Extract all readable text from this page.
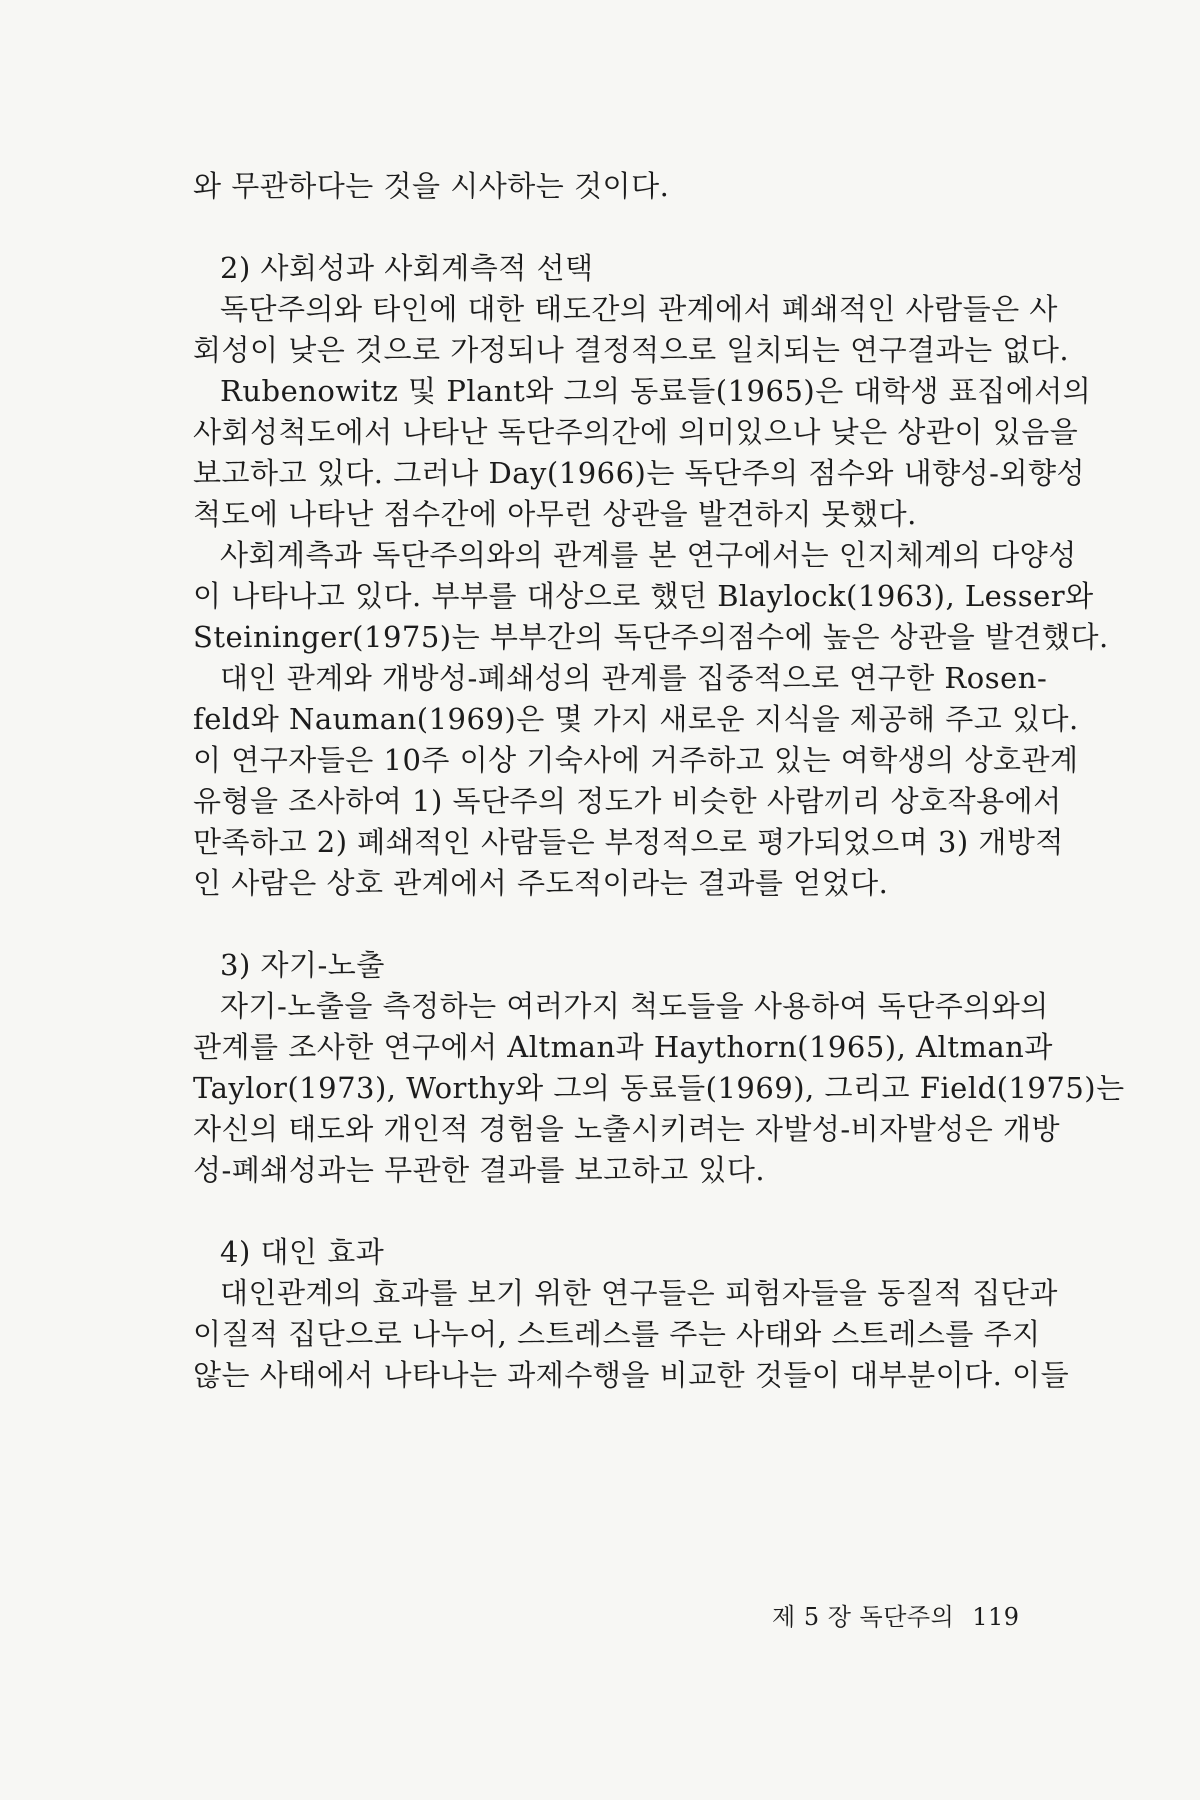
와 무관하다는 것을 시사하는 것이다.
2) 사회성과 사회계측적 선택
독단주의와 타인에 대한 태도간의 관계에서 폐쇄적인 사람들은 사
회성이 낮은 것으로 가정되나 결정적으로 일치되는 연구결과는 없다.
Rubenowitz 및 Plant와 그의 동료들(1965)은 대학생 표집에서의
사회성척도에서 나타난 독단주의간에 의미있으나 낮은 상관이 있음을
보고하고 있다. 그러나 Day(1966)는 독단주의 점수와 내향성-외향성
척도에 나타난 점수간에 아무런 상관을 발견하지 못했다.
사회계측과 독단주의와의 관계를 본 연구에서는 인지체계의 다양성
이 나타나고 있다. 부부를 대상으로 했던 Blaylock(1963), Lesser와
Steininger(1975)는 부부간의 독단주의점수에 높은 상관을 발견했다.
대인 관계와 개방성-폐쇄성의 관계를 집중적으로 연구한 Rosen-
feld와 Nauman(1969)은 몇 가지 새로운 지식을 제공해 주고 있다.
이 연구자들은 10주 이상 기숙사에 거주하고 있는 여학생의 상호관계
유형을 조사하여 1) 독단주의 정도가 비슷한 사람끼리 상호작용에서
만족하고 2) 폐쇄적인 사람들은 부정적으로 평가되었으며 3) 개방적
인 사람은 상호 관계에서 주도적이라는 결과를 얻었다.
3) 자기-노출
자기-노출을 측정하는 여러가지 척도들을 사용하여 독단주의와의
관계를 조사한 연구에서 Altman과 Haythorn(1965), Altman과
Taylor(1973), Worthy와 그의 동료들(1969), 그리고 Field(1975)는
자신의 태도와 개인적 경험을 노출시키려는 자발성-비자발성은 개방
성-폐쇄성과는 무관한 결과를 보고하고 있다.
4) 대인 효과
대인관계의 효과를 보기 위한 연구들은 피험자들을 동질적 집단과
이질적 집단으로 나누어, 스트레스를 주는 사태와 스트레스를 주지
않는 사태에서 나타나는 과제수행을 비교한 것들이 대부분이다. 이들
제 5 장 독단주의 119
